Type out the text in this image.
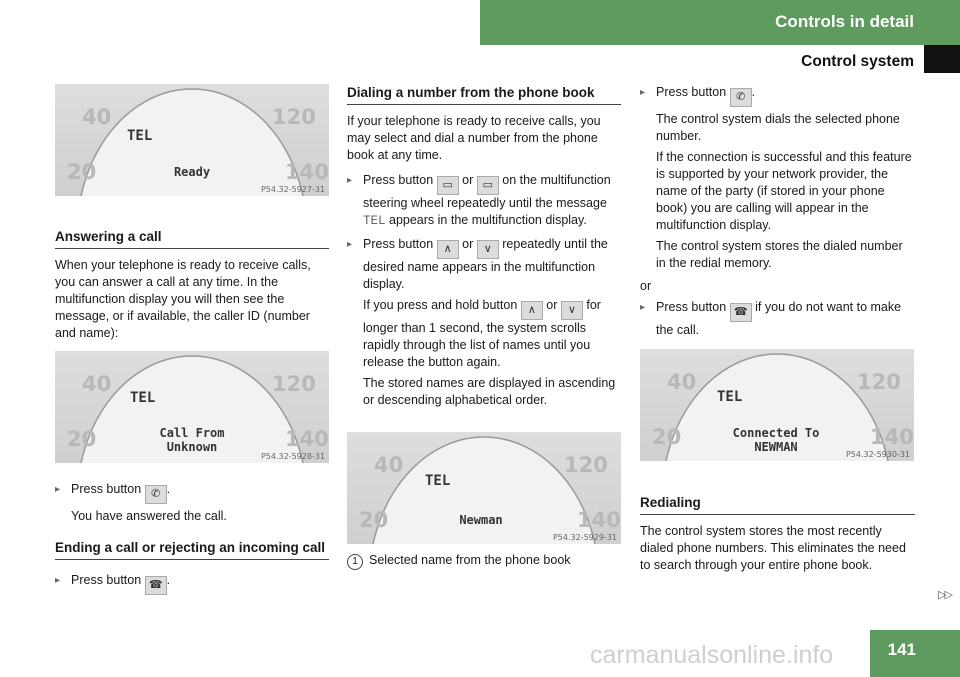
Controls in detail
Control system
40
20
120
140
TEL
Ready
P54.32-5927-31
Answering a call

When your telephone is ready to receive calls, you can answer a call at any time. In the multifunction display you will then see the message, or if available, the caller ID (number and name):

40
20
120
140
TEL
Call From
Unknown
P54.32-5928-31
▸ Press button ✆ .

You have answered the call.

Ending a call or rejecting an incoming call
▸ Press button ☎ .

Dialing a number from the phone book

If your telephone is ready to receive calls, you may select and dial a number from the phone book at any time.

▸ Press button ▭ or ▭ on the multifunction steering wheel repeatedly until the message TEL appears in the multifunction display.

▸ Press button ∧ or ∨ repeatedly until the desired name appears in the multifunction display.

If you press and hold button ∧ or ∨ for longer than 1 second, the system scrolls rapidly through the list of names until you release the button again.

The stored names are displayed in ascending or descending alphabetical order.

40
20
120
140
TEL
Newman
P54.32-5929-31

1 Selected name from the phone book

▸ Press button ✆ .

The control system dials the selected phone number.

If the connection is successful and this feature is supported by your network provider, the name of the party (if stored in your phone book) you are calling will appear in the multifunction display.

The control system stores the dialed number in the redial memory.

or

▸ Press button ☎ if you do not want to make the call.

40
20
120
140
TEL
Connected To
NEWMAN
P54.32-5930-31
Redialing

The control system stores the most recently dialed phone numbers. This eliminates the need to search through your entire phone book.

▷▷
carmanualsonline.info	141
